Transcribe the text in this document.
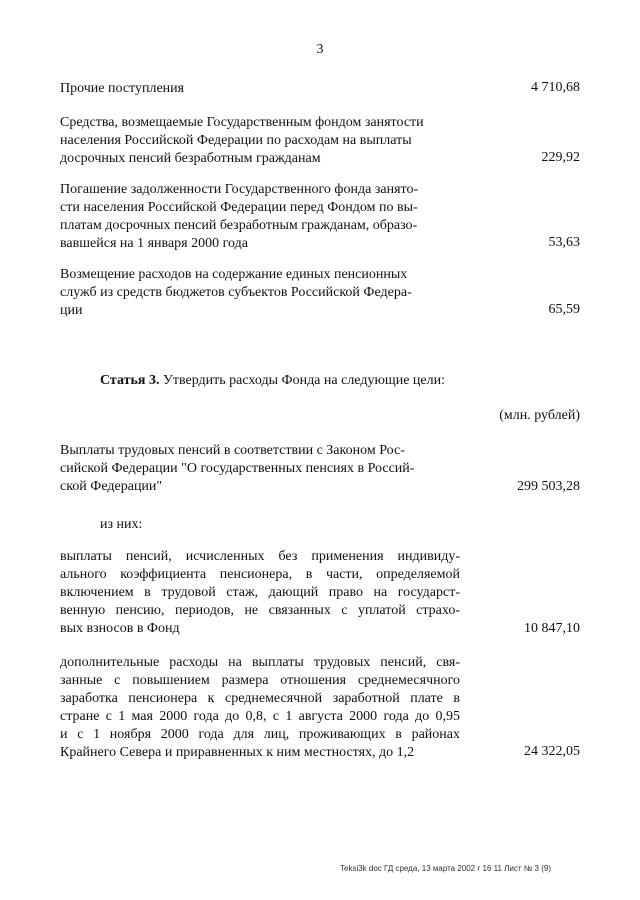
3
Прочие поступления	4 710,68
Средства, возмещаемые Государственным фондом занятости
населения Российской Федерации по расходам на выплаты
досрочных пенсий безработным гражданам	229,92
Погашение задолженности Государственного фонда занято-
сти населения Российской Федерации перед Фондом по вы-
платам досрочных пенсий безработным гражданам, образо-
вавшейся на 1 января 2000 года	53,63
Возмещение расходов на содержание единых пенсионных
служб из средств бюджетов субъектов Российской Федера-
ции	65,59
Статья 3. Утвердить расходы Фонда на следующие цели:
(млн. рублей)
Выплаты трудовых пенсий в соответствии с Законом Рос-
сийской Федерации "О государственных пенсиях в Россий-
ской Федерации"	299 503,28
из них:
выплаты пенсий, исчисленных без применения индивиду-
ального коэффициента пенсионера, в части, определяемой
включением в трудовой стаж, дающий право на государст-
венную пенсию, периодов, не связанных с уплатой страхо-
вых взносов в Фонд	10 847,10
дополнительные расходы на выплаты трудовых пенсий, свя-
занные с повышением размера отношения среднемесячного
заработка пенсионера к среднемесячной заработной плате в
стране с 1 мая 2000 года до 0,8, с 1 августа 2000 года до 0,95
и с 1 ноября 2000 года для лиц, проживающих в районах
Крайнего Севера и приравненных к ним местностях, до 1,2	24 322,05
Teksi3k doc ГД среда, 13 марта 2002 г 16 11 Лист № 3 (9)
